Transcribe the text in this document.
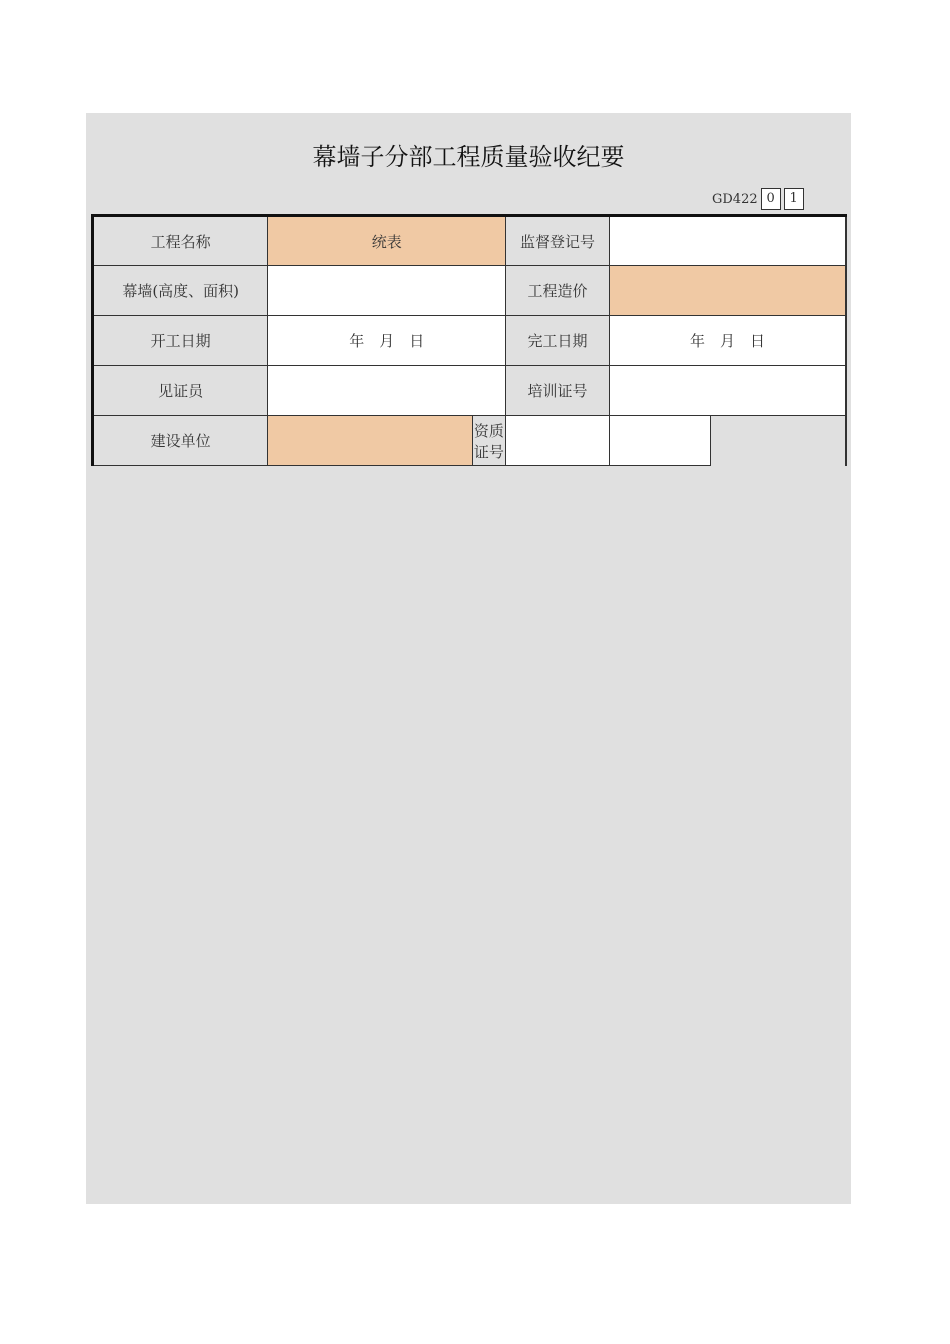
幕墙子分部工程质量验收纪要
GD422 0	1
工程名称	统表		监督登记号	
幕墙(高度、面积)			工程造价	
开工日期	年　月　日		完工日期	年　月　日
见证员			培训证号	
建设单位		资质证号		
